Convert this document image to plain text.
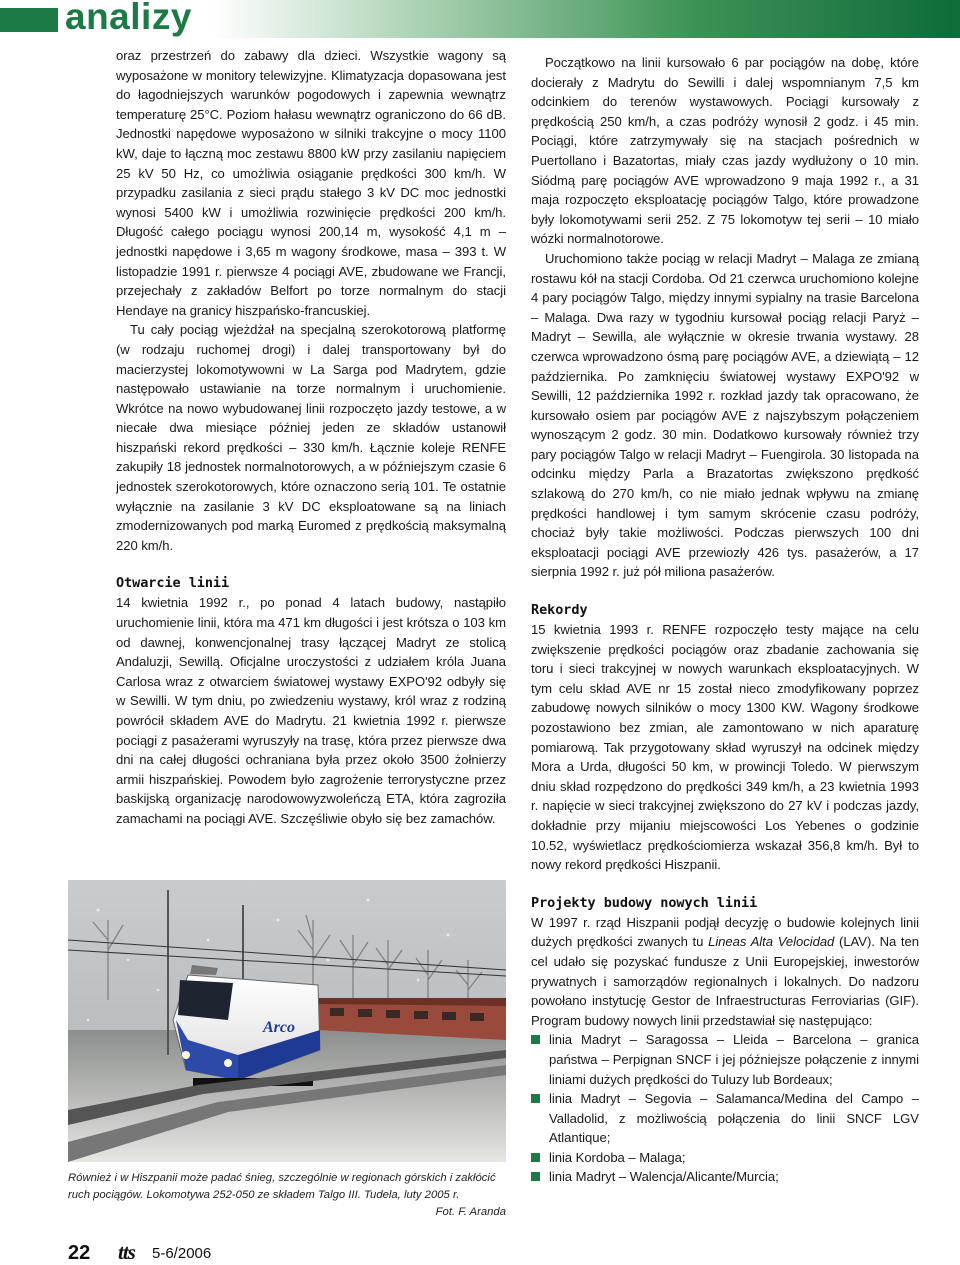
analizy

oraz przestrzeń do zabawy dla dzieci. Wszystkie wagony są wyposażone w monitory telewizyjne. Klimatyzacja dopasowana jest do łagodniejszych warunków pogodowych i zapewnia wewnątrz temperaturę 25°C. Poziom hałasu wewnątrz ograniczono do 66 dB. Jednostki napędowe wyposażono w silniki trakcyjne o mocy 1100 kW, daje to łączną moc zestawu 8800 kW przy zasilaniu napięciem 25 kV 50 Hz, co umożliwia osiąganie prędkości 300 km/h. W przypadku zasilania z sieci prądu stałego 3 kV DC moc jednostki wynosi 5400 kW i umożliwia rozwinięcie prędkości 200 km/h. Długość całego pociągu wynosi 200,14 m, wysokość 4,1 m – jednostki napędowe i 3,65 m wagony środkowe, masa – 393 t. W listopadzie 1991 r. pierwsze 4 pociągi AVE, zbudowane we Francji, przejechały z zakładów Belfort po torze normalnym do stacji Hendaye na granicy hiszpańsko-francuskiej.

Tu cały pociąg wjeżdżał na specjalną szerokotorową platformę (w rodzaju ruchomej drogi) i dalej transportowany był do macierzystej lokomotywowni w La Sarga pod Madrytem, gdzie następowało ustawianie na torze normalnym i uruchomienie. Wkrótce na nowo wybudowanej linii rozpoczęto jazdy testowe, a w niecałe dwa miesiące później jeden ze składów ustanowił hiszpański rekord prędkości – 330 km/h. Łącznie koleje RENFE zakupiły 18 jednostek normalnotorowych, a w późniejszym czasie 6 jednostek szerokotorowych, które oznaczono serią 101. Te ostatnie wyłącznie na zasilanie 3 kV DC eksploatowane są na liniach zmodernizowanych pod marką Euromed z prędkością maksymalną 220 km/h.

Otwarcie linii

14 kwietnia 1992 r., po ponad 4 latach budowy, nastąpiło uruchomienie linii, która ma 471 km długości i jest krótsza o 103 km od dawnej, konwencjonalnej trasy łączącej Madryt ze stolicą Andaluzji, Sewillą. Oficjalne uroczystości z udziałem króla Juana Carlosa wraz z otwarciem światowej wystawy EXPO'92 odbyły się w Sewilli. W tym dniu, po zwiedzeniu wystawy, król wraz z rodziną powrócił składem AVE do Madrytu. 21 kwietnia 1992 r. pierwsze pociągi z pasażerami wyruszyły na trasę, która przez pierwsze dwa dni na całej długości ochraniana była przez około 3500 żołnierzy armii hiszpańskiej. Powodem było zagrożenie terrorystyczne przez baskijską organizację narodowowyzwoleńczą ETA, która zagroziła zamachami na pociągi AVE. Szczęśliwie obyło się bez zamachów.

Początkowo na linii kursowało 6 par pociągów na dobę, które docierały z Madrytu do Sewilli i dalej wspomnianym 7,5 km odcinkiem do terenów wystawowych. Pociągi kursowały z prędkością 250 km/h, a czas podróży wynosił 2 godz. i 45 min. Pociągi, które zatrzymywały się na stacjach pośrednich w Puertollano i Bazatortas, miały czas jazdy wydłużony o 10 min. Siódmą parę pociągów AVE wprowadzono 9 maja 1992 r., a 31 maja rozpoczęto eksploatację pociągów Talgo, które prowadzone były lokomotywami serii 252. Z 75 lokomotyw tej serii – 10 miało wózki normalnotorowe.

Uruchomiono także pociąg w relacji Madryt – Malaga ze zmianą rostawu kół na stacji Cordoba. Od 21 czerwca uruchomiono kolejne 4 pary pociągów Talgo, między innymi sypialny na trasie Barcelona – Malaga. Dwa razy w tygodniu kursował pociąg relacji Paryż – Madryt – Sewilla, ale wyłącznie w okresie trwania wystawy. 28 czerwca wprowadzono ósmą parę pociągów AVE, a dziewiątą – 12 października. Po zamknięciu światowej wystawy EXPO'92 w Sewilli, 12 października 1992 r. rozkład jazdy tak opracowano, że kursowało osiem par pociągów AVE z najszybszym połączeniem wynoszącym 2 godz. 30 min. Dodatkowo kursowały również trzy pary pociągów Talgo w relacji Madryt – Fuengirola. 30 listopada na odcinku między Parla a Brazatortas zwiększono prędkość szlakową do 270 km/h, co nie miało jednak wpływu na zmianę prędkości handlowej i tym samym skrócenie czasu podróży, chociaż były takie możliwości. Podczas pierwszych 100 dni eksploatacji pociągi AVE przewiozły 426 tys. pasażerów, a 17 sierpnia 1992 r. już pół miliona pasażerów.

Rekordy

15 kwietnia 1993 r. RENFE rozpoczęło testy mające na celu zwiększenie prędkości pociągów oraz zbadanie zachowania się toru i sieci trakcyjnej w nowych warunkach eksploatacyjnych. W tym celu skład AVE nr 15 został nieco zmodyfikowany poprzez zabudowę nowych silników o mocy 1300 KW. Wagony środkowe pozostawiono bez zmian, ale zamontowano w nich aparaturę pomiarową. Tak przygotowany skład wyruszył na odcinek między Mora a Urda, długości 50 km, w prowincji Toledo. W pierwszym dniu skład rozpędzono do prędkości 349 km/h, a 23 kwietnia 1993 r. napięcie w sieci trakcyjnej zwiększono do 27 kV i podczas jazdy, dokładnie przy mijaniu miejscowości Los Yebenes o godzinie 10.52, wyświetlacz prędkościomierza wskazał 356,8 km/h. Był to nowy rekord prędkości Hiszpanii.

Projekty budowy nowych linii

W 1997 r. rząd Hiszpanii podjął decyzję o budowie kolejnych linii dużych prędkości zwanych tu Lineas Alta Velocidad (LAV). Na ten cel udało się pozyskać fundusze z Unii Europejskiej, inwestorów prywatnych i samorządów regionalnych i lokalnych. Do nadzoru powołano instytucję Gestor de Infraestructuras Ferroviarias (GIF). Program budowy nowych linii przedstawiał się następująco:

linia Madryt – Saragossa – Lleida – Barcelona – granica państwa – Perpignan SNCF i jej późniejsze połączenie z innymi liniami dużych prędkości do Tuluzy lub Bordeaux;
linia Madryt – Segovia – Salamanca/Medina del Campo – Valladolid, z możliwością połączenia do linii SNCF LGV Atlantique;
linia Kordoba – Malaga;
linia Madryt – Walencja/Alicante/Murcia;
Arco
Również i w Hiszpanii może padać śnieg, szczególnie w regionach górskich i zakłócić ruch pociągów. Lokomotywa 252-050 ze składem Talgo III. Tudela, luty 2005 r.
Fot. F. Aranda
22 tts 5-6/2006
